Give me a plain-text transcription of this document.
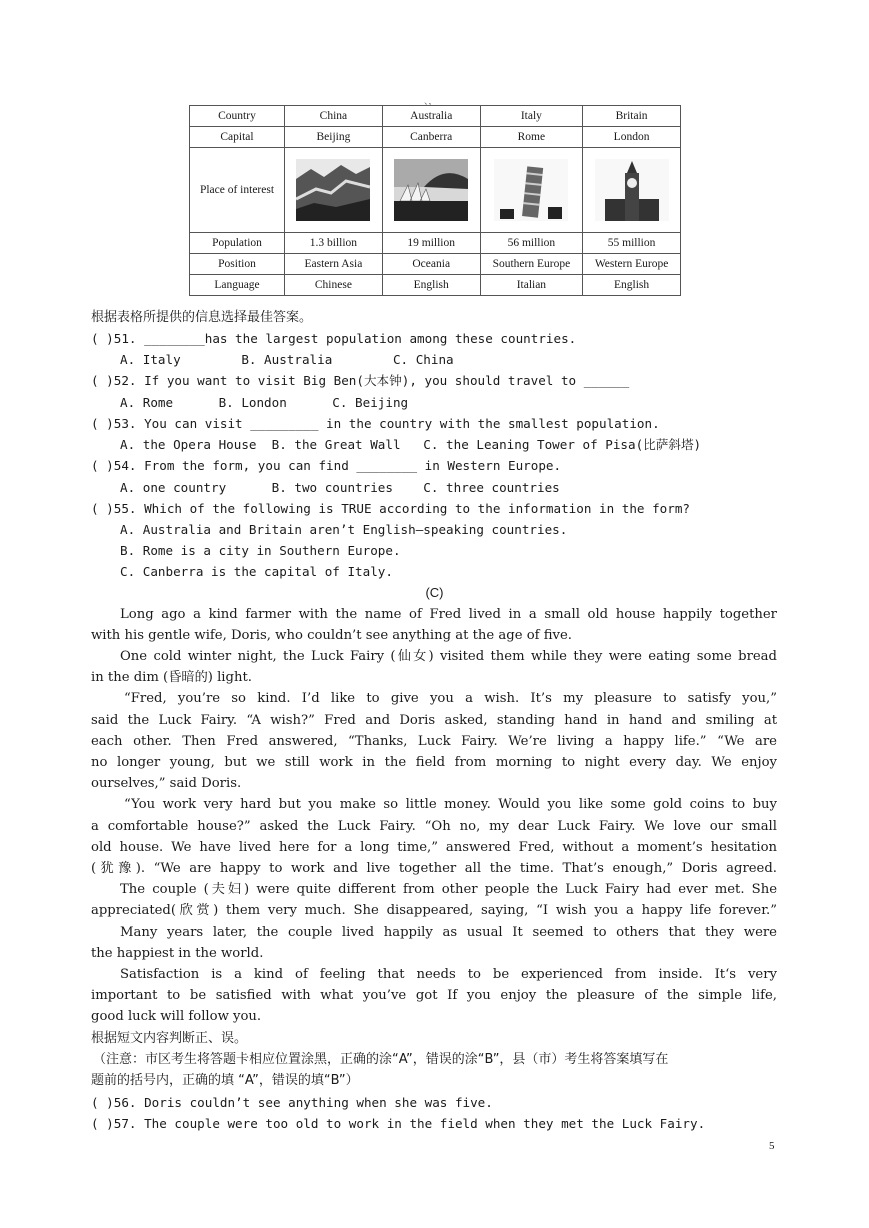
、，
Country	China	Australia	Italy	Britain
Capital	Beijing	Canberra	Rome	London
Place of interest	

Population	1.3 billion	19 million	56 million	55 million
Position	Eastern Asia	Oceania	Southern Europe	Western Europe
Language	Chinese	English	Italian	English
根据表格所提供的信息选择最佳答案。
( )51. ________has the largest population among these countries.
A. Italy        B. Australia        C. China
( )52. If you want to visit Big Ben(大本钟), you should travel to ______
A. Rome      B. London      C. Beijing
( )53. You can visit _________ in the country with the smallest population.
A. the Opera House  B. the Great Wall   C. the Leaning Tower of Pisa(比萨斜塔)
( )54. From the form, you can find ________ in Western Europe.
A. one country      B. two countries    C. three countries
( )55. Which of the following is TRUE according to the information in the form?
A. Australia and Britain aren’t English—speaking countries.
B. Rome is a city in Southern Europe.
C. Canberra is the capital of Italy.
(C)
Long ago a kind farmer with the name of Fred lived in a small old house happily together
with his gentle wife, Doris, who couldn’t see anything at the age of five.
One cold winter night, the Luck Fairy (仙女) visited them while they were eating some bread
in the dim (昏暗的) light.
“Fred, you’re so kind. I’d like to give you a wish. It’s my pleasure to satisfy you,”
said the Luck Fairy. “A wish?” Fred and Doris asked, standing hand in hand and smiling at
each other. Then Fred answered, “Thanks, Luck Fairy. We’re living a happy life.” “We are
no longer young, but we still work in the field from morning to night every day. We enjoy
ourselves,” said Doris.
“You work very hard but you make so little money. Would you like some gold coins to buy
a comfortable house?” asked the Luck Fairy. “Oh no, my dear Luck Fairy. We love our small
old house. We have lived here for a long time,” answered Fred, without a moment’s hesitation
(犹豫). “We are happy to work and live together all the time. That’s enough,” Doris agreed.
The couple (夫妇) were quite different from other people the Luck Fairy had ever met. She
appreciated(欣赏) them very much. She disappeared, saying, “I wish you a happy life forever.”
Many years later, the couple lived happily as usual It seemed to others that they were
the happiest in the world.
Satisfaction is a kind of feeling that needs to be experienced from inside. It‘s very
important to be satisfied with what you’ve got If you enjoy the pleasure of the simple life,
good luck will follow you.
根据短文内容判断正、误。
（注意：市区考生将答题卡相应位置涂黑，正确的涂“A”，错误的涂“B”，县（市）考生将答案填写在
题前的括号内，正确的填 “A”，错误的填“B”）
( )56. Doris couldn’t see anything when she was five.
( )57. The couple were too old to work in the field when they met the Luck Fairy.
5
